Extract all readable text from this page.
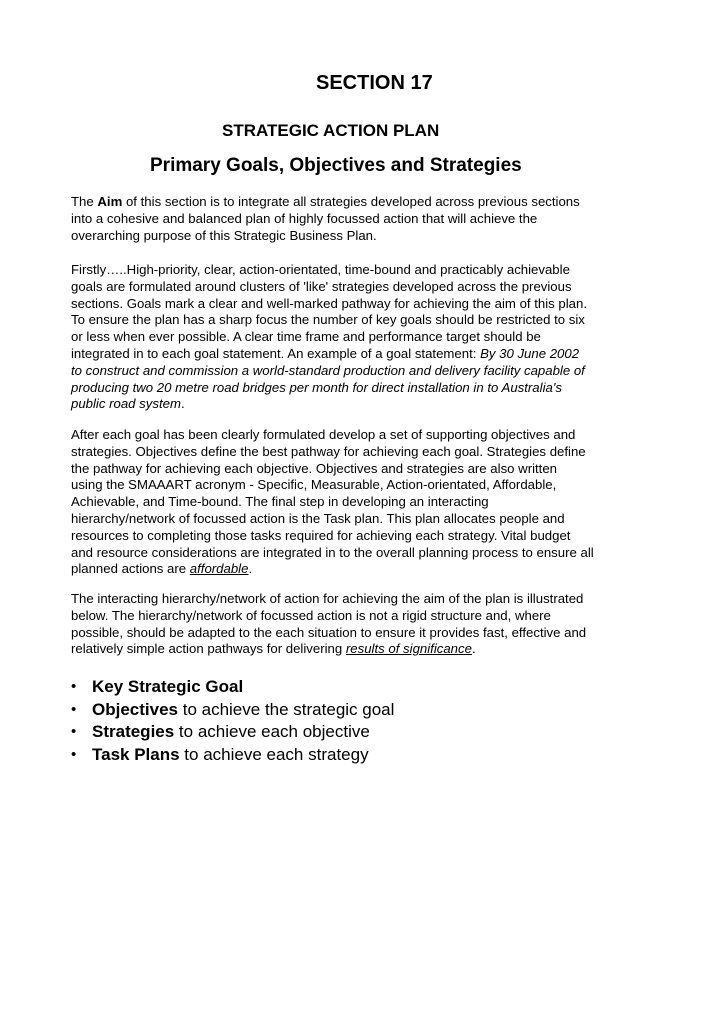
SECTION 17
STRATEGIC ACTION PLAN
Primary Goals, Objectives and Strategies

The Aim of this section is to integrate all strategies developed across previous sections
into a cohesive and balanced plan of highly focussed action that will achieve the
overarching purpose of this Strategic Business Plan.

Firstly…..High-priority, clear, action-orientated, time-bound and practicably achievable
goals are formulated around clusters of 'like' strategies developed across the previous
sections. Goals mark a clear and well-marked pathway for achieving the aim of this plan.
To ensure the plan has a sharp focus the number of key goals should be restricted to six
or less when ever possible. A clear time frame and performance target should be
integrated in to each goal statement. An example of a goal statement: By 30 June 2002
to construct and commission a world-standard production and delivery facility capable of
producing two 20 metre road bridges per month for direct installation in to Australia's
public road system.

After each goal has been clearly formulated develop a set of supporting objectives and
strategies. Objectives define the best pathway for achieving each goal. Strategies define
the pathway for achieving each objective. Objectives and strategies are also written
using the SMAAART acronym - Specific, Measurable, Action-orientated, Affordable,
Achievable, and Time-bound. The final step in developing an interacting
hierarchy/network of focussed action is the Task plan. This plan allocates people and
resources to completing those tasks required for achieving each strategy. Vital budget
and resource considerations are integrated in to the overall planning process to ensure all
planned actions are affordable.

The interacting hierarchy/network of action for achieving the aim of the plan is illustrated
below. The hierarchy/network of focussed action is not a rigid structure and, where
possible, should be adapted to the each situation to ensure it provides fast, effective and
relatively simple action pathways for delivering results of significance.

• Key Strategic Goal
• Objectives to achieve the strategic goal
• Strategies to achieve each objective
• Task Plans to achieve each strategy
